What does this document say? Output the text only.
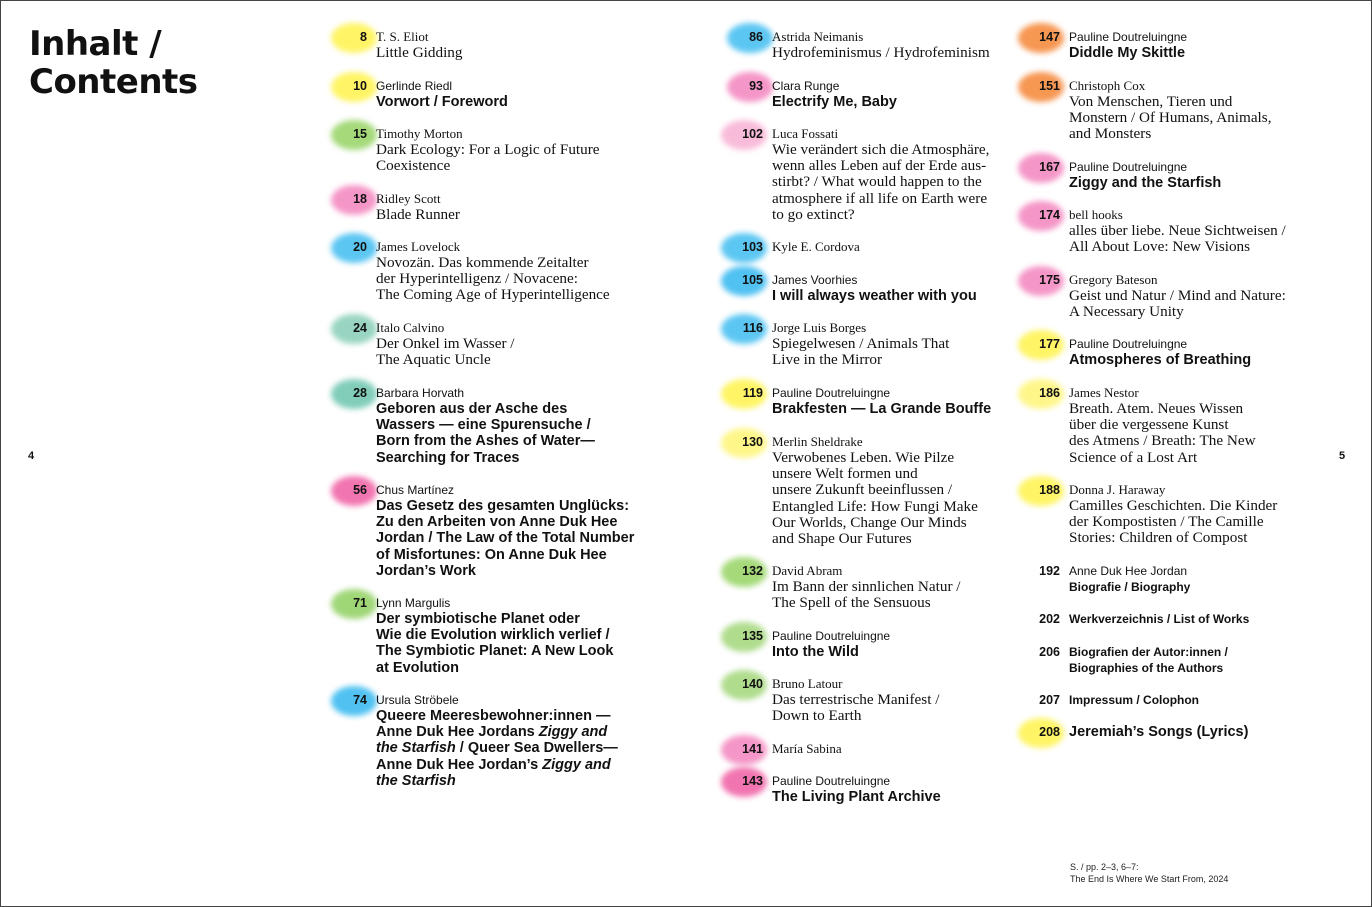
Inhalt /
Contents
4	5
8 T. S. Eliot
Little Gidding
10 Gerlinde Riedl
Vorwort / Foreword
15 Timothy Morton
Dark Ecology: For a Logic of Future
Coexistence
18 Ridley Scott
Blade Runner
20 James Lovelock
Novozän. Das kommende Zeitalter
der Hyperintelligenz / Novacene:
The Coming Age of Hyperintelligence
24 Italo Calvino
Der Onkel im Wasser /
The Aquatic Uncle
28 Barbara Horvath
Geboren aus der Asche des
Wassers — eine Spurensuche /
Born from the Ashes of Water—
Searching for Traces
56 Chus Martínez
Das Gesetz des gesamten Unglücks:
Zu den Arbeiten von Anne Duk Hee
Jordan / The Law of the Total Number
of Misfortunes: On Anne Duk Hee
Jordan’s Work
71 Lynn Margulis
Der symbiotische Planet oder
Wie die Evolution wirklich verlief /
The Symbiotic Planet: A New Look
at Evolution
74 Ursula Ströbele
Queere Meeresbewohner:innen —
Anne Duk Hee Jordans Ziggy and
the Starfish / Queer Sea Dwellers—
Anne Duk Hee Jordan’s Ziggy and
the Starfish
86 Astrida Neimanis
Hydrofeminismus / Hydrofeminism
93 Clara Runge
Electrify Me, Baby
102 Luca Fossati
Wie verändert sich die Atmosphäre,
wenn alles Leben auf der Erde aus-
stirbt? / What would happen to the
atmosphere if all life on Earth were
to go extinct?
103 Kyle E. Cordova
105 James Voorhies
I will always weather with you
116 Jorge Luis Borges
Spiegelwesen / Animals That
Live in the Mirror
119 Pauline Doutreluingne
Brakfesten — La Grande Bouffe
130 Merlin Sheldrake
Verwobenes Leben. Wie Pilze
unsere Welt formen und
unsere Zukunft beeinflussen /
Entangled Life: How Fungi Make
Our Worlds, Change Our Minds
and Shape Our Futures
132 David Abram
Im Bann der sinnlichen Natur /
The Spell of the Sensuous
135 Pauline Doutreluingne
Into the Wild
140 Bruno Latour
Das terrestrische Manifest /
Down to Earth
141 María Sabina
143 Pauline Doutreluingne
The Living Plant Archive
147 Pauline Doutreluingne
Diddle My Skittle
151 Christoph Cox
Von Menschen, Tieren und
Monstern / Of Humans, Animals,
and Monsters
167 Pauline Doutreluingne
Ziggy and the Starfish
174 bell hooks
alles über liebe. Neue Sichtweisen /
All About Love: New Visions
175 Gregory Bateson
Geist und Natur / Mind and Nature:
A Necessary Unity
177 Pauline Doutreluingne
Atmospheres of Breathing
186 James Nestor
Breath. Atem. Neues Wissen
über die vergessene Kunst
des Atmens / Breath: The New
Science of a Lost Art
188 Donna J. Haraway
Camilles Geschichten. Die Kinder
der Kompostisten / The Camille
Stories: Children of Compost
192 Anne Duk Hee Jordan
Biografie / Biography
202 Werkverzeichnis / List of Works
206 Biografien der Autor:innen /
Biographies of the Authors
207 Impressum / Colophon
208 Jeremiah’s Songs (Lyrics)
S. / pp. 2–3, 6–7:
The End Is Where We Start From, 2024
